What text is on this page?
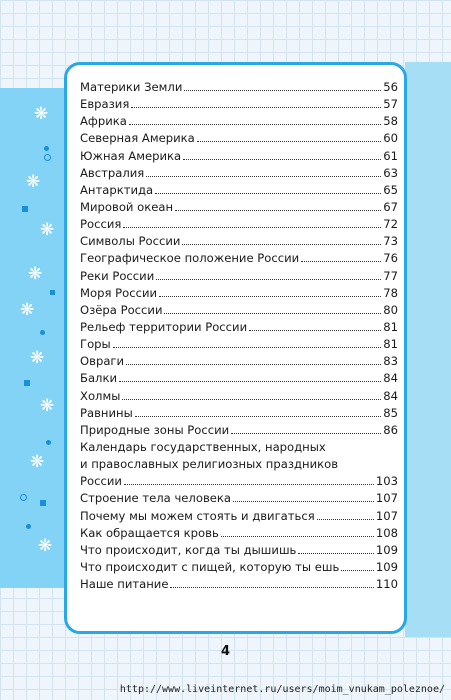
❋
❋
❋
❋
❋
❋
❋
❋
❋
Материки Земли	56
Евразия	57
Африка	58
Северная Америка	60
Южная Америка	61
Австралия	63
Антарктида	65
Мировой океан	67
Россия	72
Символы России	73
Географическое положение России	76
Реки России	77
Моря России	78
Озёра России	80
Рельеф территории России	81
Горы	81
Овраги	83
Балки	84
Холмы	84
Равнины	85
Природные зоны России	86
Календарь государственных, народных
и православных религиозных праздников
России	103
Строение тела человека	107
Почему мы можем стоять и двигаться	107
Как обращается кровь	108
Что происходит, когда ты дышишь	109
Что происходит с пищей, которую ты ешь	109
Наше питание	110
4
http://www.liveinternet.ru/users/moim_vnukam_poleznoe/
